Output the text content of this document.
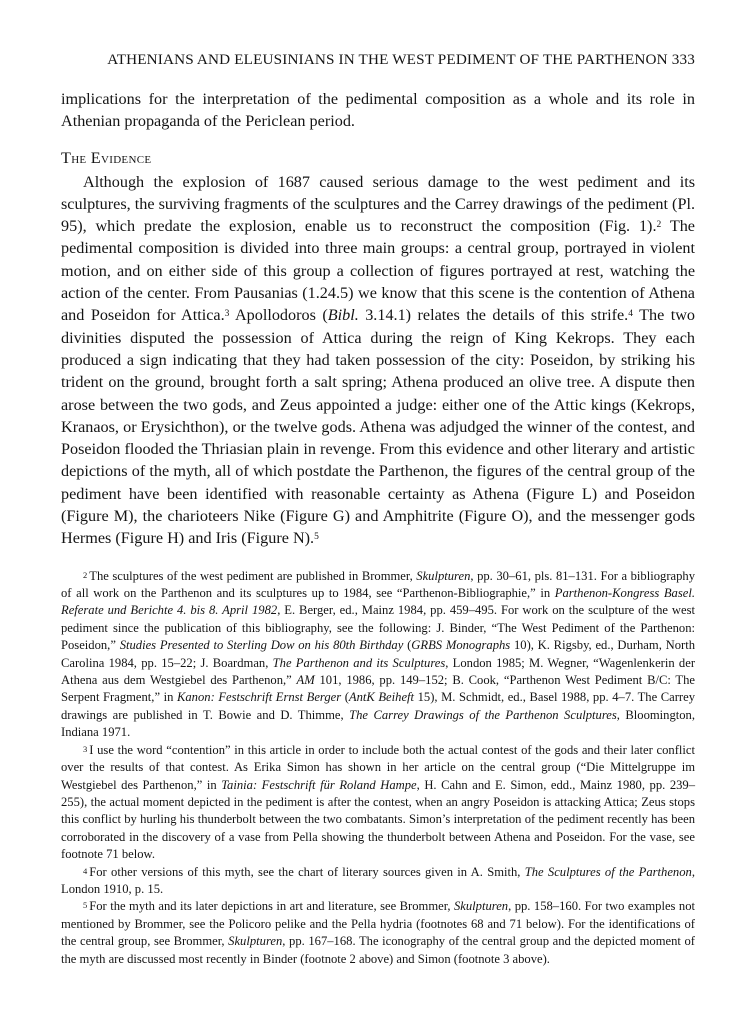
ATHENIANS AND ELEUSINIANS IN THE WEST PEDIMENT OF THE PARTHENON 333

implications for the interpretation of the pedimental composition as a whole and its role in Athenian propaganda of the Periclean period.

The Evidence

Although the explosion of 1687 caused serious damage to the west pediment and its sculptures, the surviving fragments of the sculptures and the Carrey drawings of the pediment (Pl. 95), which predate the explosion, enable us to reconstruct the composition (Fig. 1).$^2$ The pedimental composition is divided into three main groups: a central group, portrayed in violent motion, and on either side of this group a collection of figures portrayed at rest, watching the action of the center. From Pausanias (1.24.5) we know that this scene is the contention of Athena and Poseidon for Attica.$^3$ Apollodoros (Bibl. 3.14.1) relates the details of this strife.$^4$ The two divinities disputed the possession of Attica during the reign of King Kekrops. They each produced a sign indicating that they had taken possession of the city: Poseidon, by striking his trident on the ground, brought forth a salt spring; Athena produced an olive tree. A dispute then arose between the two gods, and Zeus appointed a judge: either one of the Attic kings (Kekrops, Kranaos, or Erysichthon), or the twelve gods. Athena was adjudged the winner of the contest, and Poseidon flooded the Thriasian plain in revenge. From this evidence and other literary and artistic depictions of the myth, all of which postdate the Parthenon, the figures of the central group of the pediment have been identified with reasonable certainty as Athena (Figure L) and Poseidon (Figure M), the charioteers Nike (Figure G) and Amphitrite (Figure O), and the messenger gods Hermes (Figure H) and Iris (Figure N).$^5$

$^2$ The sculptures of the west pediment are published in Brommer, Skulpturen, pp. 30–61, pls. 81–131. For a bibliography of all work on the Parthenon and its sculptures up to 1984, see “Parthenon-Bibliographie,” in Parthenon-Kongress Basel. Referate und Berichte 4. bis 8. April 1982, E. Berger, ed., Mainz 1984, pp. 459–495. For work on the sculpture of the west pediment since the publication of this bibliography, see the following: J. Binder, “The West Pediment of the Parthenon: Poseidon,” Studies Presented to Sterling Dow on his 80th Birthday (GRBS Monographs 10), K. Rigsby, ed., Durham, North Carolina 1984, pp. 15–22; J. Boardman, The Parthenon and its Sculptures, London 1985; M. Wegner, “Wagenlenkerin der Athena aus dem Westgiebel des Parthenon,” AM 101, 1986, pp. 149–152; B. Cook, “Parthenon West Pediment B/C: The Serpent Fragment,” in Kanon: Festschrift Ernst Berger (AntK Beiheft 15), M. Schmidt, ed., Basel 1988, pp. 4–7. The Carrey drawings are published in T. Bowie and D. Thimme, The Carrey Drawings of the Parthenon Sculptures, Bloomington, Indiana 1971.

$^3$ I use the word “contention” in this article in order to include both the actual contest of the gods and their later conflict over the results of that contest. As Erika Simon has shown in her article on the central group (“Die Mittelgruppe im Westgiebel des Parthenon,” in Tainia: Festschrift für Roland Hampe, H. Cahn and E. Simon, edd., Mainz 1980, pp. 239–255), the actual moment depicted in the pediment is after the contest, when an angry Poseidon is attacking Attica; Zeus stops this conflict by hurling his thunderbolt between the two combatants. Simon’s interpretation of the pediment recently has been corroborated in the discovery of a vase from Pella showing the thunderbolt between Athena and Poseidon. For the vase, see footnote 71 below.

$^4$ For other versions of this myth, see the chart of literary sources given in A. Smith, The Sculptures of the Parthenon, London 1910, p. 15.

$^5$ For the myth and its later depictions in art and literature, see Brommer, Skulpturen, pp. 158–160. For two examples not mentioned by Brommer, see the Policoro pelike and the Pella hydria (footnotes 68 and 71 below). For the identifications of the central group, see Brommer, Skulpturen, pp. 167–168. The iconography of the central group and the depicted moment of the myth are discussed most recently in Binder (footnote 2 above) and Simon (footnote 3 above).
